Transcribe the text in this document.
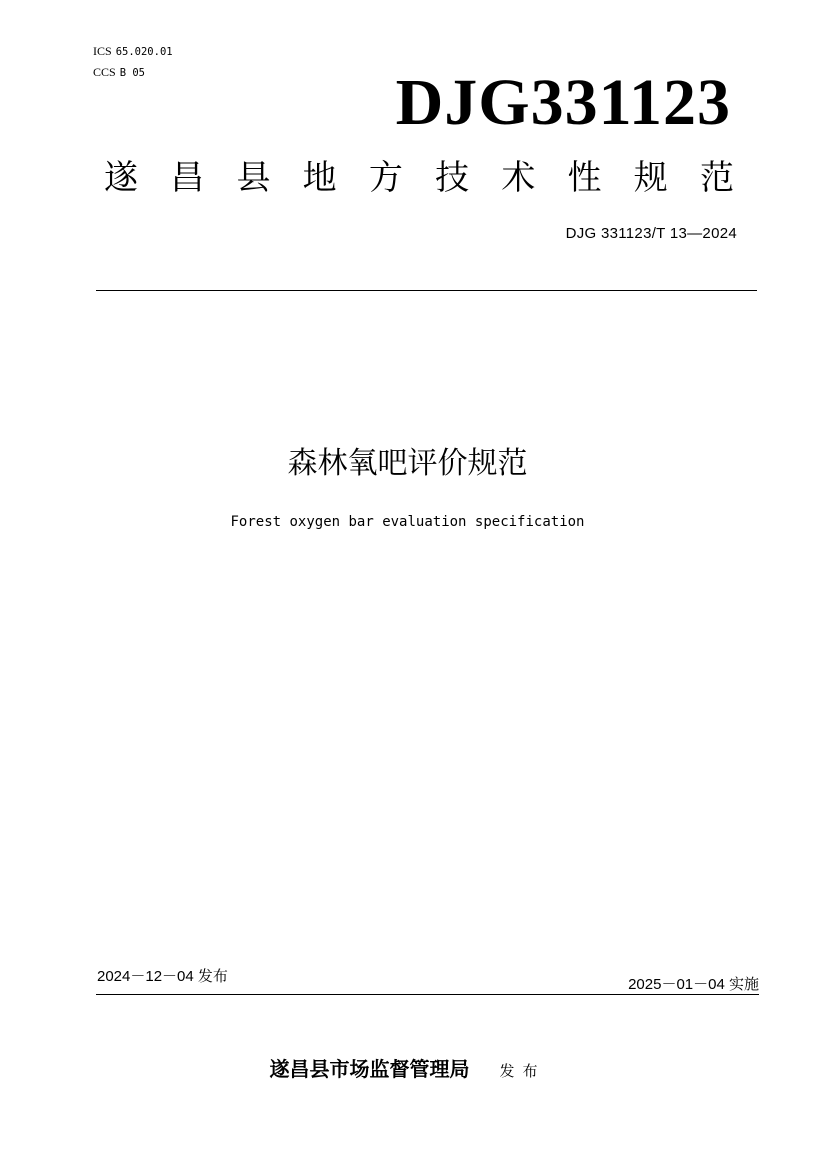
ICS 65.020.01
CCS B 05	DJG331123
遂 昌 县 地 方 技 术 性 规 范
DJG 331123/T 13—2024
森林氧吧评价规范
Forest oxygen bar evaluation specification
2024－12－04 发布	2025－01－04 实施
遂昌县市场监督管理局 发布
